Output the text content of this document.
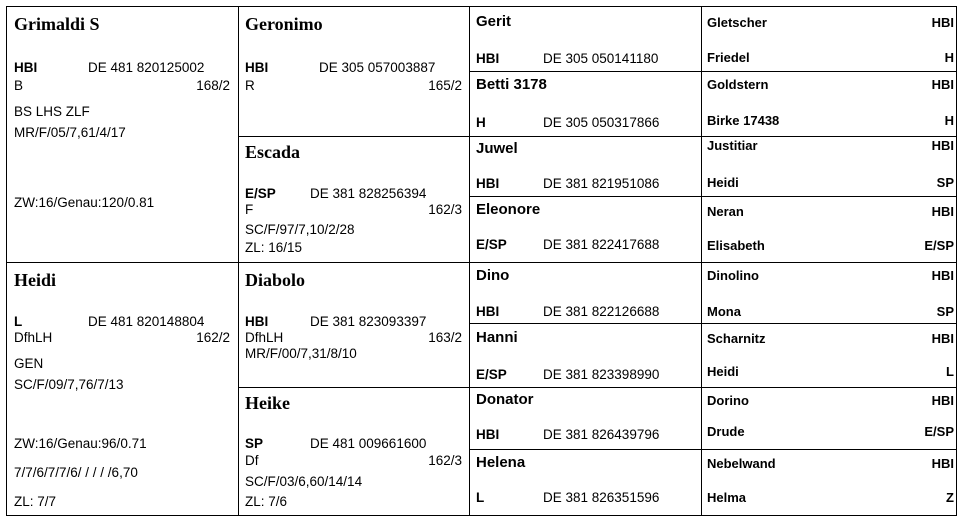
Grimaldi S
HBI	DE 481 820125002
B	168/2
BS LHS ZLF
MR/F/05/7,61/4/17
ZW:16/Genau:120/0.81
Heidi
L	DE 481 820148804
DfhLH	162/2
GEN
SC/F/09/7,76/7/13
ZW:16/Genau:96/0.71
7/7/6/7/7/6/ / / / /6,70
ZL: 7/7
Geronimo
HBI	DE 305 057003887
R	165/2
Escada
E/SP	DE 381 828256394
F	162/3
SC/F/97/7,10/2/28
ZL: 16/15
Diabolo
HBI	DE 381 823093397
DfhLH	163/2
MR/F/00/7,31/8/10
Heike
SP	DE 481 009661600
Df	162/3
SC/F/03/6,60/14/14
ZL: 7/6
Gerit
HBI	DE 305 050141180
Betti 3178
H	DE 305 050317866
Juwel
HBI	DE 381 821951086
Eleonore
E/SP	DE 381 822417688
Dino
HBI	DE 381 822126688
Hanni
E/SP	DE 381 823398990
Donator
HBI	DE 381 826439796
Helena
L	DE 381 826351596
Gletscher	HBI
Friedel	H
Goldstern	HBI
Birke 17438	H
Justitiar	HBI
Heidi	SP
Neran	HBI
Elisabeth	E/SP
Dinolino	HBI
Mona	SP
Scharnitz	HBI
Heidi	L
Dorino	HBI
Drude	E/SP
Nebelwand	HBI
Helma	Z
